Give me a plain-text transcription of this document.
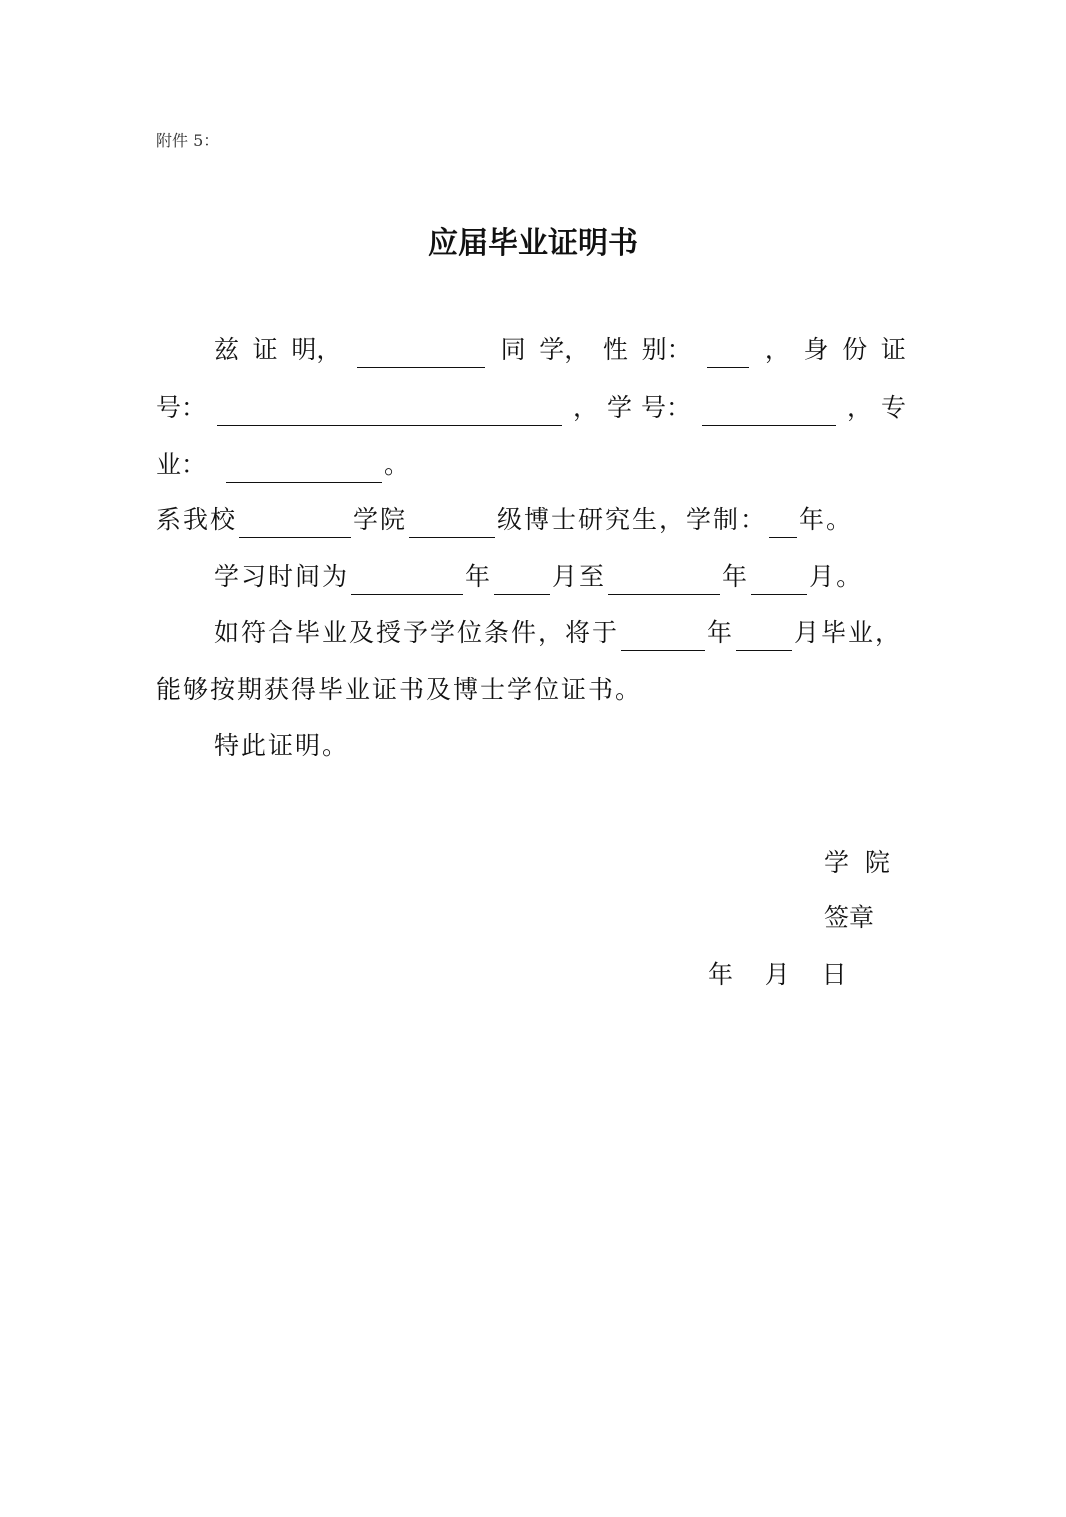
附件 5：
应届毕业证明书
兹 证 明，	同 学， 性 别：	， 身 份 证
号：	， 学 号：	， 专
业：	。
系我校	学院	级博士研究生，学制： 年。
学习时间为	年 月至	年 月。
如符合毕业及授予学位条件，将于	年 月毕业，
能够按期获得毕业证书及博士学位证书。
特此证明。
学  院
签章
年    月    日
